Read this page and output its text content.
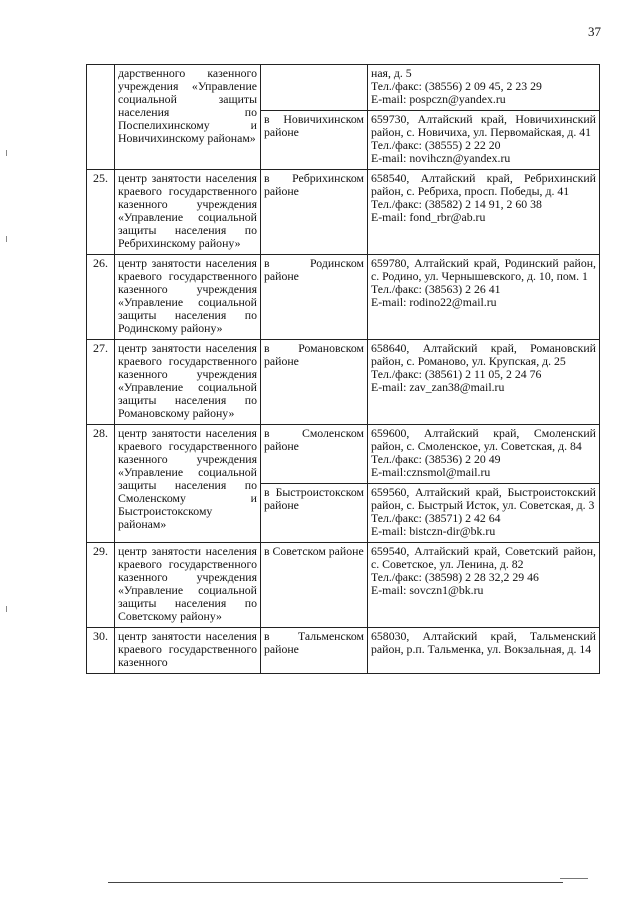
37
	дарственного казенного учреждения «Управление социальной защиты населения по Поспелихинскому и Новичихинскому районам»		ная, д. 5
Тел./факс: (38556) 2 09 45, 2 23 29
E-mail: pospczn@yandex.ru

		в Новичихинском районе	659730, Алтайский край, Новичихинский район, с. Новичиха, ул. Первомайская, д. 41
Тел./факс: (38555) 2 22 20
E-mail: novihczn@yandex.ru

25.	центр занятости населения краевого государственного казенного учреждения «Управление социальной защиты населения по Ребрихинскому району»	в Ребрихинском районе	658540, Алтайский край, Ребрихинский район, с. Ребриха, просп. Победы, д. 41
Тел./факс: (38582) 2 14 91, 2 60 38
E-mail: fond_rbr@ab.ru

26.	центр занятости населения краевого государственного казенного учреждения «Управление социальной защиты населения по Родинскому району»	в Родинском районе	659780, Алтайский край, Родинский район, с. Родино, ул. Чернышевского, д. 10, пом. 1
Тел./факс: (38563) 2 26 41
E-mail: rodino22@mail.ru

27.	центр занятости населения краевого государственного казенного учреждения «Управление социальной защиты населения по Романовскому району»	в Романовском районе	658640, Алтайский край, Романовский район, с. Романово, ул. Крупская, д. 25
Тел./факс: (38561) 2 11 05, 2 24 76
E-mail: zav_zan38@mail.ru

28.	центр занятости населения краевого государственного казенного учреждения «Управление социальной защиты населения по Смоленскому и Быстроистокскому районам»	в Смоленском районе	659600, Алтайский край, Смоленский район, с. Смоленское, ул. Советская, д. 84
Тел./факс: (38536) 2 20 49
E-mail:cznsmol@mail.ru

		в Быстроистокском районе	659560, Алтайский край, Быстроистокский район, с. Быстрый Исток, ул. Советская, д. 3
Тел./факс: (38571) 2 42 64
E-mail: bistczn-dir@bk.ru

29.	центр занятости населения краевого государственного казенного учреждения «Управление социальной защиты населения по Советскому району»	в Советском районе	659540, Алтайский край, Советский район, с. Советское, ул. Ленина, д. 82
Тел./факс: (38598) 2 28 32,2 29 46
E-mail: sovczn1@bk.ru

30.	центр занятости населения краевого государственного казенного	в Тальменском районе	658030, Алтайский край, Тальменский район, р.п. Тальменка, ул. Вокзальная, д. 14
